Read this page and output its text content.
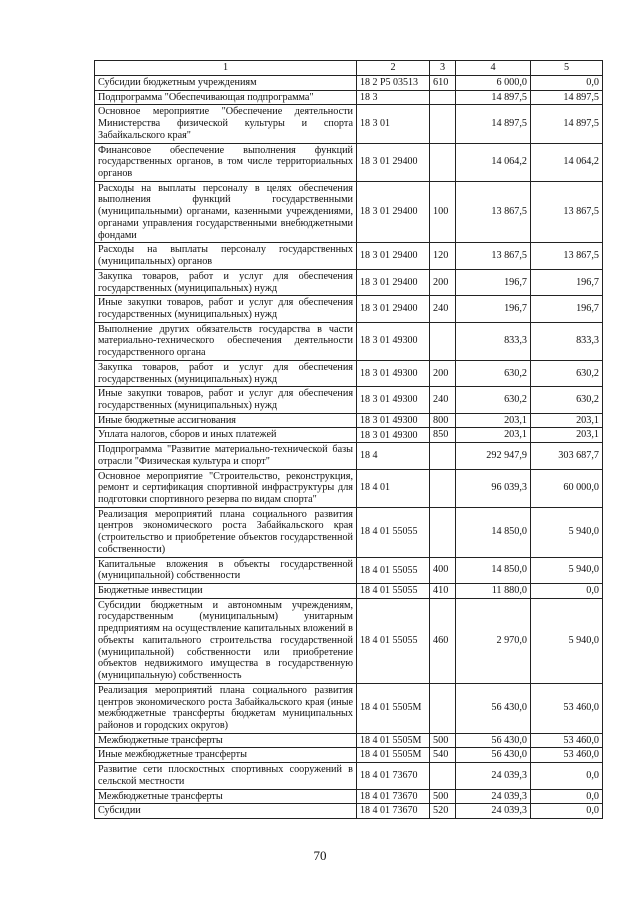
1	2	3	4	5
Субсидии бюджетным учреждениям	18 2 P5 03513	610	6 000,0	0,0
Подпрограмма "Обеспечивающая подпрограмма"	18 3		14 897,5	14 897,5
Основное мероприятие "Обеспечение деятельности Министерства физической культуры и спорта Забайкальского края"	18 3 01		14 897,5	14 897,5
Финансовое обеспечение выполнения функций государственных органов, в том числе территориальных органов	18 3 01 29400		14 064,2	14 064,2
Расходы на выплаты персоналу в целях обеспечения выполнения функций государственными (муниципальными) органами, казенными учреждениями, органами управления государственными внебюджетными фондами	18 3 01 29400	100	13 867,5	13 867,5
Расходы на выплаты персоналу государственных (муниципальных) органов	18 3 01 29400	120	13 867,5	13 867,5
Закупка товаров, работ и услуг для обеспечения государственных (муниципальных) нужд	18 3 01 29400	200	196,7	196,7
Иные закупки товаров, работ и услуг для обеспечения государственных (муниципальных) нужд	18 3 01 29400	240	196,7	196,7
Выполнение других обязательств государства в части материально-технического обеспечения деятельности государственного органа	18 3 01 49300		833,3	833,3
Закупка товаров, работ и услуг для обеспечения государственных (муниципальных) нужд	18 3 01 49300	200	630,2	630,2
Иные закупки товаров, работ и услуг для обеспечения государственных (муниципальных) нужд	18 3 01 49300	240	630,2	630,2
Иные бюджетные ассигнования	18 3 01 49300	800	203,1	203,1
Уплата налогов, сборов и иных платежей	18 3 01 49300	850	203,1	203,1
Подпрограмма "Развитие материально-технической базы отрасли "Физическая культура и спорт"	18 4		292 947,9	303 687,7
Основное мероприятие "Строительство, реконструкция, ремонт и сертификация спортивной инфраструктуры для подготовки спортивного резерва по видам спорта"	18 4 01		96 039,3	60 000,0
Реализация мероприятий плана социального развития центров экономического роста Забайкальского края (строительство и приобретение объектов государственной собственности)	18 4 01 55055		14 850,0	5 940,0
Капитальные вложения в объекты государственной (муниципальной) собственности	18 4 01 55055	400	14 850,0	5 940,0
Бюджетные инвестиции	18 4 01 55055	410	11 880,0	0,0
Субсидии бюджетным и автономным учреждениям, государственным (муниципальным) унитарным предприятиям на осуществление капитальных вложений в объекты капитального строительства государственной (муниципальной) собственности или приобретение объектов недвижимого имущества в государственную (муниципальную) собственность	18 4 01 55055	460	2 970,0	5 940,0
Реализация мероприятий плана социального развития центров экономического роста Забайкальского края (иные межбюджетные трансферты бюджетам муниципальных районов и городских округов)	18 4 01 5505М		56 430,0	53 460,0
Межбюджетные трансферты	18 4 01 5505М	500	56 430,0	53 460,0
Иные межбюджетные трансферты	18 4 01 5505М	540	56 430,0	53 460,0
Развитие сети плоскостных спортивных сооружений в сельской местности	18 4 01 73670		24 039,3	0,0
Межбюджетные трансферты	18 4 01 73670	500	24 039,3	0,0
Субсидии	18 4 01 73670	520	24 039,3	0,0
70
